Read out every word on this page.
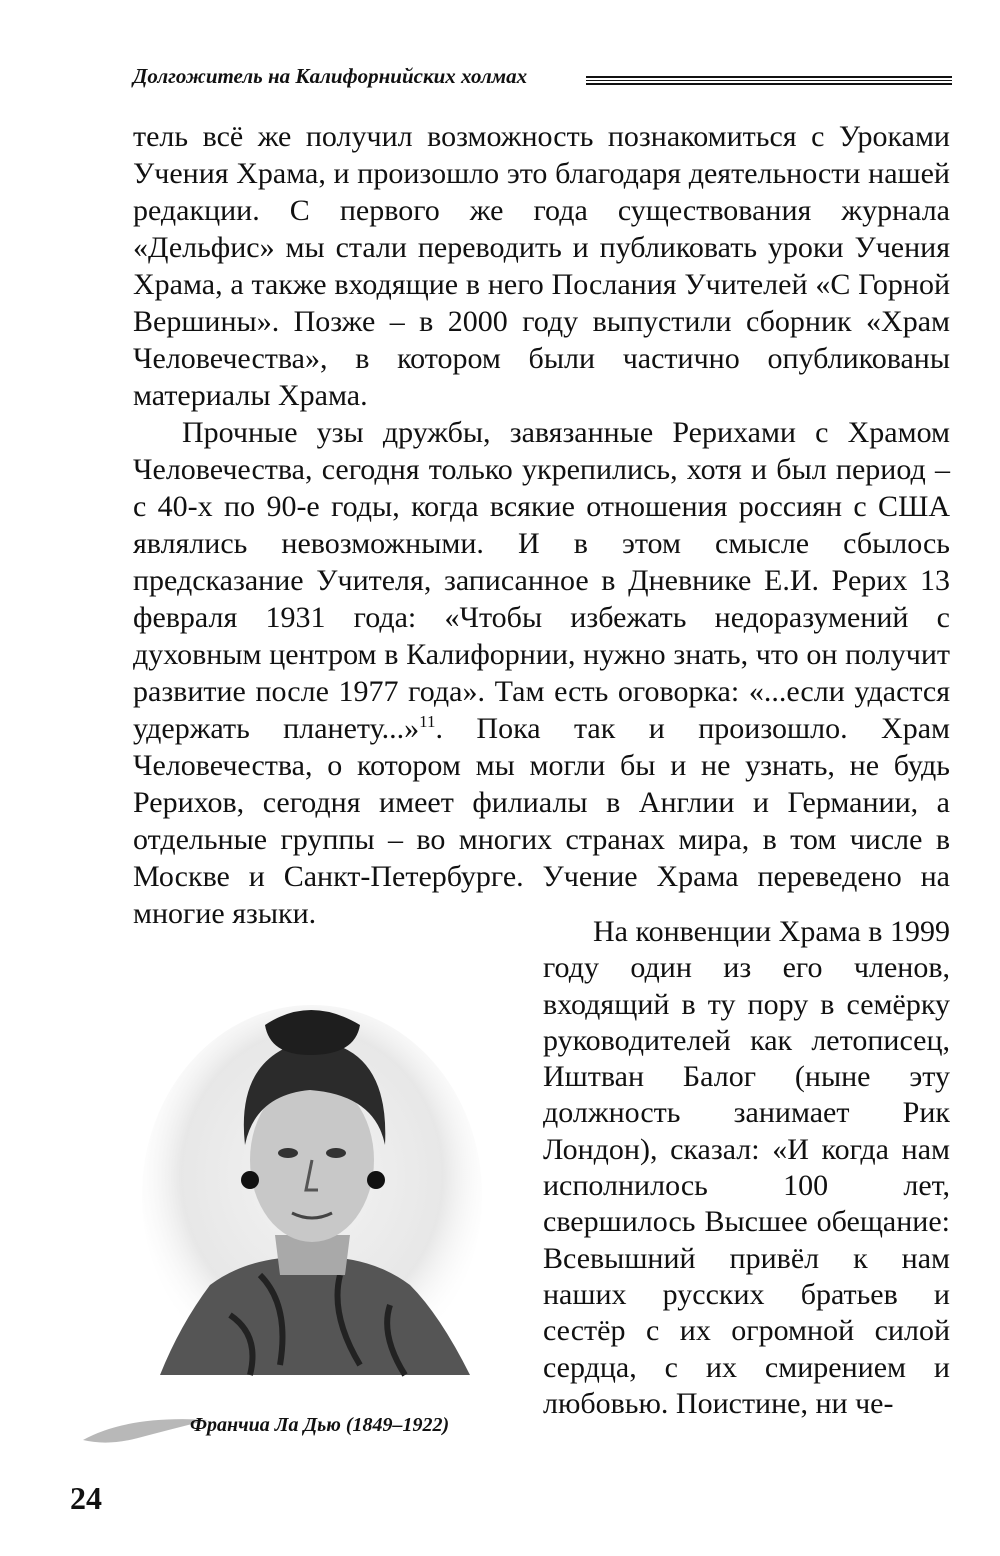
Долгожитель на Калифорнийских холмах

тель всё же получил возможность познакомиться с Уроками Учения Храма, и произошло это благодаря деятельности нашей редакции. С первого же года существования журнала «Дельфис» мы стали переводить и публиковать уроки Учения Храма, а также входящие в него Послания Учителей «С Горной Вершины». Позже – в 2000 году выпустили сборник «Храм Человечества», в котором были частично опубликованы материалы Храма.

Прочные узы дружбы, завязанные Рерихами с Храмом Человечества, сегодня только укрепились, хотя и был период – с 40-х по 90-е годы, когда всякие отношения россиян с США являлись невозможными. И в этом смысле сбылось предсказание Учителя, записанное в Дневнике Е.И. Рерих 13 февраля 1931 года: «Чтобы избежать недоразумений с духовным центром в Калифорнии, нужно знать, что он получит развитие после 1977 года». Там есть оговорка: «...если удастся удержать планету...»$^{11}$. Пока так и произошло. Храм Человечества, о котором мы могли бы и не узнать, не будь Рерихов, сегодня имеет филиалы в Англии и Германии, а отдельные группы – во многих странах мира, в том числе в Москве и Санкт-Петербурге. Учение Храма переведено на многие языки.

На конвенции Храма в 1999 году один из его членов, входящий в ту пору в семёрку руководителей как летописец, Иштван Балог (ныне эту должность занимает Рик Лондон), сказал: «И когда нам исполнилось 100 лет, свершилось Высшее обещание: Всевышний привёл к нам наших русских братьев и сестёр с их огромной силой сердца, с их смирением и любовью. Поистине, ни че-

Франчиа Ла Дью (1849–1922)
24
